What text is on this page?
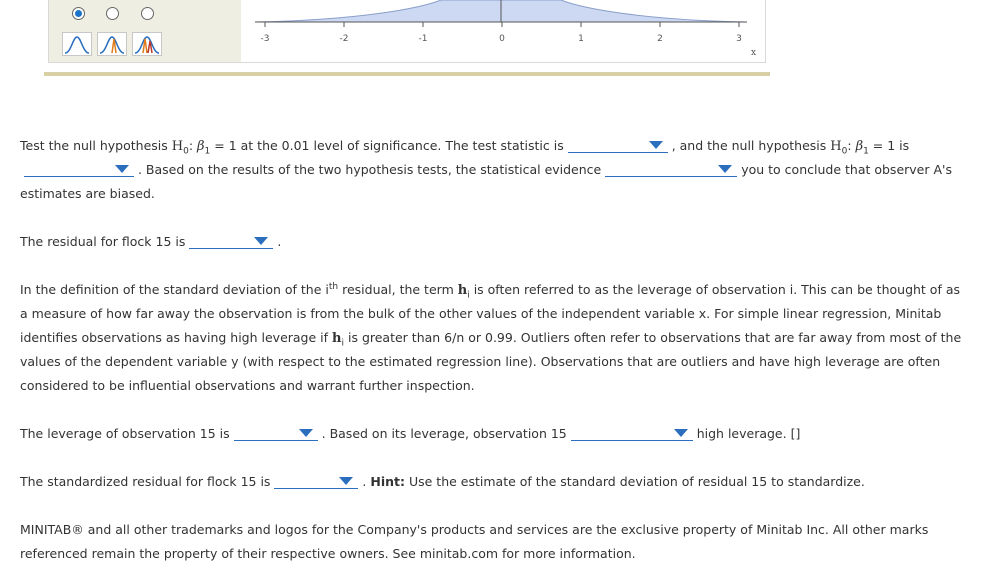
-3	-2	-1	0	1	2	3
x
Test the null hypothesis $H_0$: $\beta_1 = 1$ at the 0.01 level of significance. The test statistic is	, and the null hypothesis $H_0$: $\beta_1 = 1$ is
. Based on the results of the two hypothesis tests, the statistical evidence	you to conclude that observer A's
estimates are biased.
The residual for flock 15 is	.
In the definition of the standard deviation of the $i^{th}$ residual, the term $h_i$ is often referred to as the leverage of observation i. This can be thought of as
a measure of how far away the observation is from the bulk of the other values of the independent variable x. For simple linear regression, Minitab
identifies observations as having high leverage if $h_i$ is greater than 6/n or 0.99. Outliers often refer to observations that are far away from most of the
values of the dependent variable y (with respect to the estimated regression line). Observations that are outliers and have high leverage are often
considered to be influential observations and warrant further inspection.
The leverage of observation 15 is	. Based on its leverage, observation 15	high leverage. []
The standardized residual for flock 15 is	. Hint: Use the estimate of the standard deviation of residual 15 to standardize.
MINITAB® and all other trademarks and logos for the Company's products and services are the exclusive property of Minitab Inc. All other marks
referenced remain the property of their respective owners. See minitab.com for more information.
